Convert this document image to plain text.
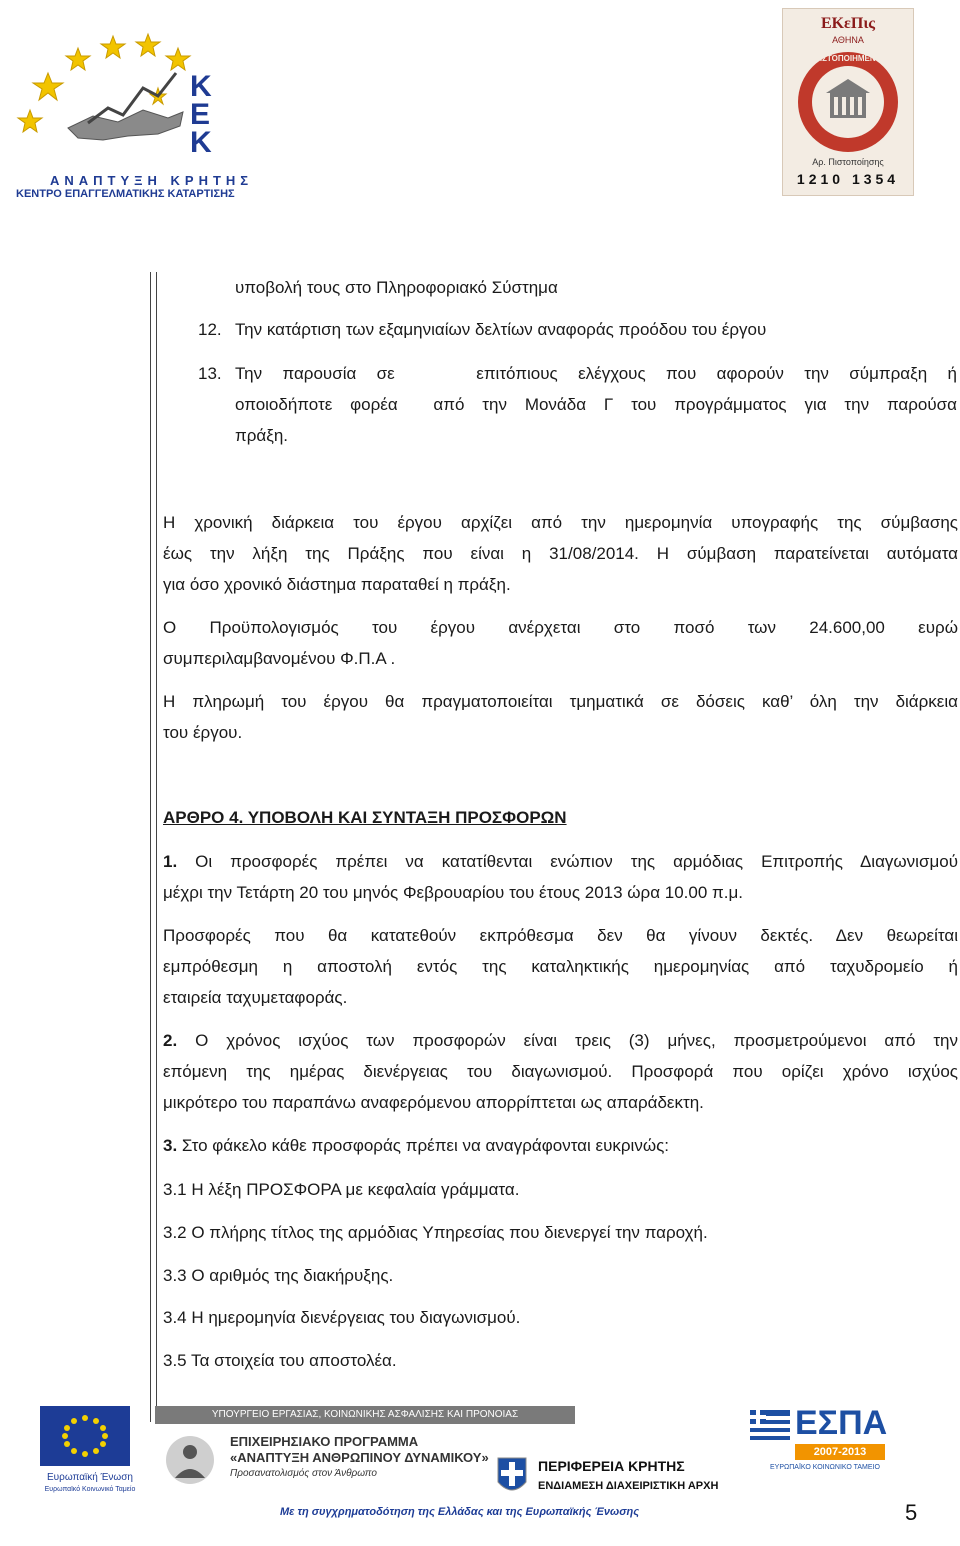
Κ
Ε
Κ
ΑΝΑΠΤΥΞΗ ΚΡΗΤΗΣ
ΚΕΝΤΡΟ ΕΠΑΓΓΕΛΜΑΤΙΚΗΣ ΚΑΤΑΡΤΙΣΗΣ
ΕΚεΠις
ΑΘΗΝΑ
ΠΙΣΤΟΠΟΙΗΜΕΝΟ
Αρ. Πιστοποίησης
1210 1354
υποβολή τους στο Πληροφοριακό Σύστημα
12. Την κατάρτιση των εξαμηνιαίων δελτίων αναφοράς προόδου του έργου
13. Την παρουσία σε    επιτόπιους ελέγχους που αφορούν την σύμπραξη ή
οποιοδήποτε φορέα  από την Μονάδα Γ του προγράμματος για την παρούσα
πράξη.
Η χρονική διάρκεια του έργου αρχίζει από την ημερομηνία υπογραφής της σύμβασης
έως την λήξη της Πράξης που είναι η 31/08/2014. Η σύμβαση παρατείνεται αυτόματα
για όσο χρονικό διάστημα παραταθεί η πράξη.
Ο Προϋπολογισμός του έργου ανέρχεται στο ποσό των 24.600,00 ευρώ
συμπεριλαμβανομένου Φ.Π.Α .
Η πληρωμή του έργου θα πραγματοποιείται τμηματικά σε δόσεις καθ’ όλη την διάρκεια
του έργου.
ΑΡΘΡΟ 4. ΥΠΟΒΟΛΗ ΚΑΙ ΣΥΝΤΑΞΗ ΠΡΟΣΦΟΡΩΝ
1. Οι προσφορές πρέπει να κατατίθενται ενώπιον της αρμόδιας Επιτροπής Διαγωνισμού
μέχρι την Τετάρτη 20 του μηνός Φεβρουαρίου του έτους 2013 ώρα 10.00 π.μ.
Προσφορές που θα κατατεθούν εκπρόθεσμα δεν θα γίνουν δεκτές. Δεν θεωρείται
εμπρόθεσμη η αποστολή εντός της καταληκτικής ημερομηνίας από ταχυδρομείο ή
εταιρεία ταχυμεταφοράς.
2. Ο χρόνος ισχύος των προσφορών είναι τρεις (3) μήνες, προσμετρούμενοι από την
επόμενη της ημέρας διενέργειας του διαγωνισμού. Προσφορά που ορίζει χρόνο ισχύος
μικρότερο του παραπάνω αναφερόμενου απορρίπτεται ως απαράδεκτη.
3. Στο φάκελο κάθε προσφοράς πρέπει να αναγράφονται ευκρινώς:
3.1 Η λέξη ΠΡΟΣΦΟΡΑ με κεφαλαία γράμματα.
3.2 Ο πλήρης τίτλος της αρμόδιας Υπηρεσίας που διενεργεί την παροχή.
3.3 Ο αριθμός της διακήρυξης.
3.4 Η ημερομηνία διενέργειας του διαγωνισμού.
3.5 Τα στοιχεία του αποστολέα.
Ευρωπαϊκή Ένωση
Ευρωπαϊκό Κοινωνικό Ταμείο
ΥΠΟΥΡΓΕΙΟ ΕΡΓΑΣΙΑΣ, ΚΟΙΝΩΝΙΚΗΣ ΑΣΦΑΛΙΣΗΣ ΚΑΙ ΠΡΟΝΟΙΑΣ
ΕΠΙΧΕΙΡΗΣΙΑΚΟ ΠΡΟΓΡΑΜΜΑ
«ΑΝΑΠΤΥΞΗ ΑΝΘΡΩΠΙΝΟΥ ΔΥΝΑΜΙΚΟΥ»
Προσανατολισμός στον Άνθρωπο	ΠΕΡΙΦΕΡΕΙΑ ΚΡΗΤΗΣ
ΕΝΔΙΑΜΕΣΗ ΔΙΑΧΕΙΡΙΣΤΙΚΗ ΑΡΧΗ
ΕΣΠΑ
2007-2013
ΕΥΡΩΠΑΪΚΟ ΚΟΙΝΩΝΙΚΟ ΤΑΜΕΙΟ
Με τη συγχρηματοδότηση της Ελλάδας και της Ευρωπαϊκής Ένωσης	5
